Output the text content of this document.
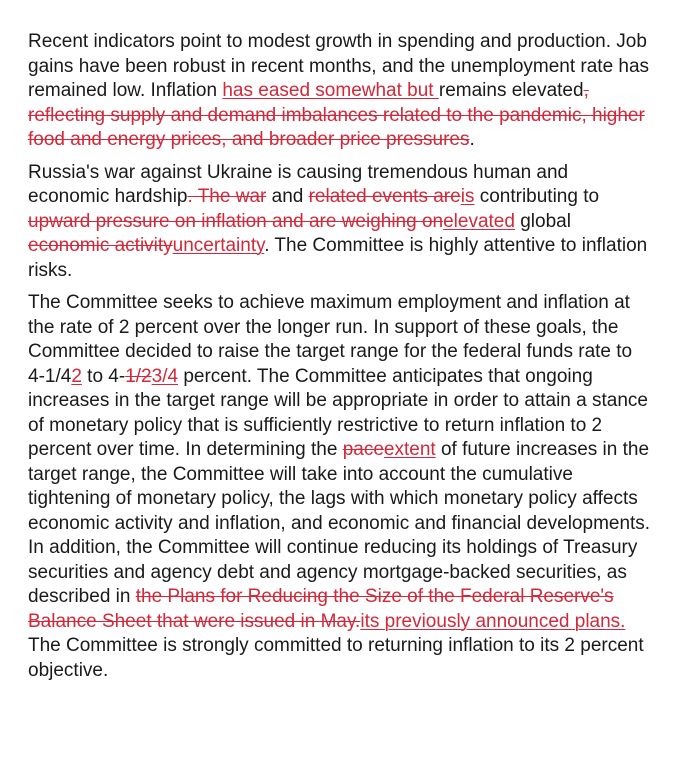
Recent indicators point to modest growth in spending and production. Job gains have been robust in recent months, and the unemployment rate has remained low. Inflation has eased somewhat but remains elevated, reflecting supply and demand imbalances related to the pandemic, higher food and energy prices, and broader price pressures.

Russia's war against Ukraine is causing tremendous human and economic hardship. The war and related events areis contributing to upward pressure on inflation and are weighing onelevated global economic activityuncertainty. The Committee is highly attentive to inflation risks.

The Committee seeks to achieve maximum employment and inflation at the rate of 2 percent over the longer run. In support of these goals, the Committee decided to raise the target range for the federal funds rate to 4-1/42 to 4-1/23/4 percent. The Committee anticipates that ongoing increases in the target range will be appropriate in order to attain a stance of monetary policy that is sufficiently restrictive to return inflation to 2 percent over time. In determining the paceextent of future increases in the target range, the Committee will take into account the cumulative tightening of monetary policy, the lags with which monetary policy affects economic activity and inflation, and economic and financial developments. In addition, the Committee will continue reducing its holdings of Treasury securities and agency debt and agency mortgage-backed securities, as described in the Plans for Reducing the Size of the Federal Reserve's Balance Sheet that were issued in May.its previously announced plans. The Committee is strongly committed to returning inflation to its 2 percent objective.
